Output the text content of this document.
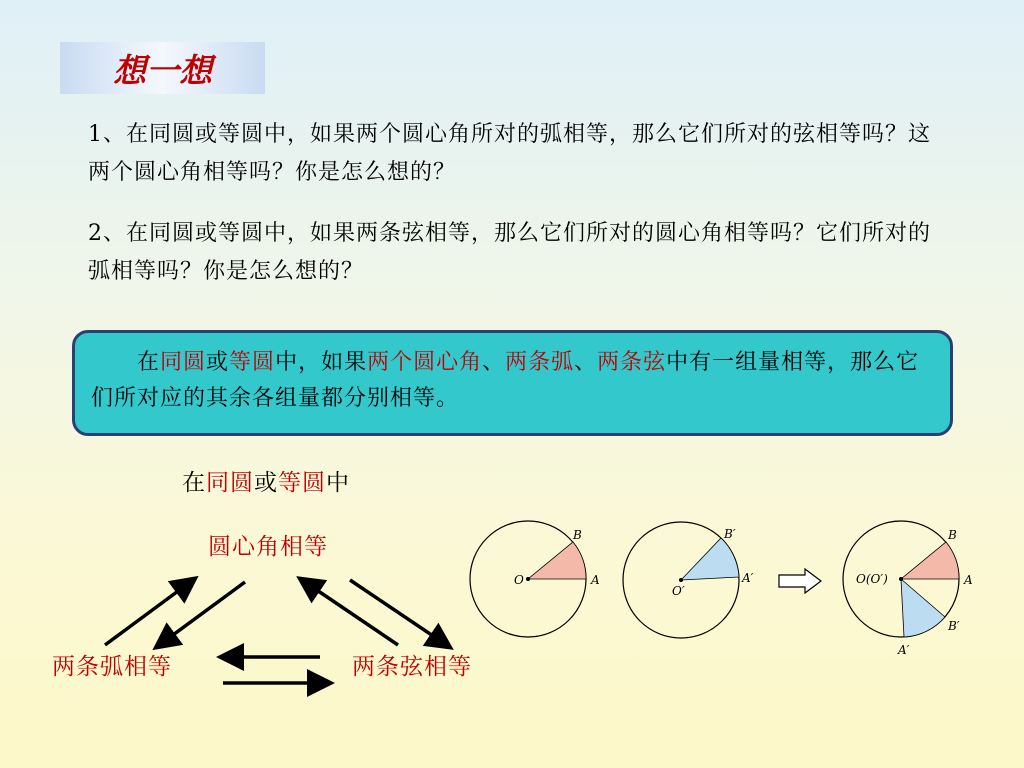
想一想
1、在同圆或等圆中，如果两个圆心角所对的弧相等，那么它们所对的弦相等吗？这两个圆心角相等吗？你是怎么想的？
2、在同圆或等圆中，如果两条弦相等，那么它们所对的圆心角相等吗？它们所对的弧相等吗？你是怎么想的？
在同圆或等圆中，如果两个圆心角、两条弧、两条弦中有一组量相等，那么它们所对应的其余各组量都分别相等。
在同圆或等圆中
圆心角相等
两条弧相等	两条弦相等
O	A
B
O′
A′
B′
O(O′)	A
B
B′
A′
